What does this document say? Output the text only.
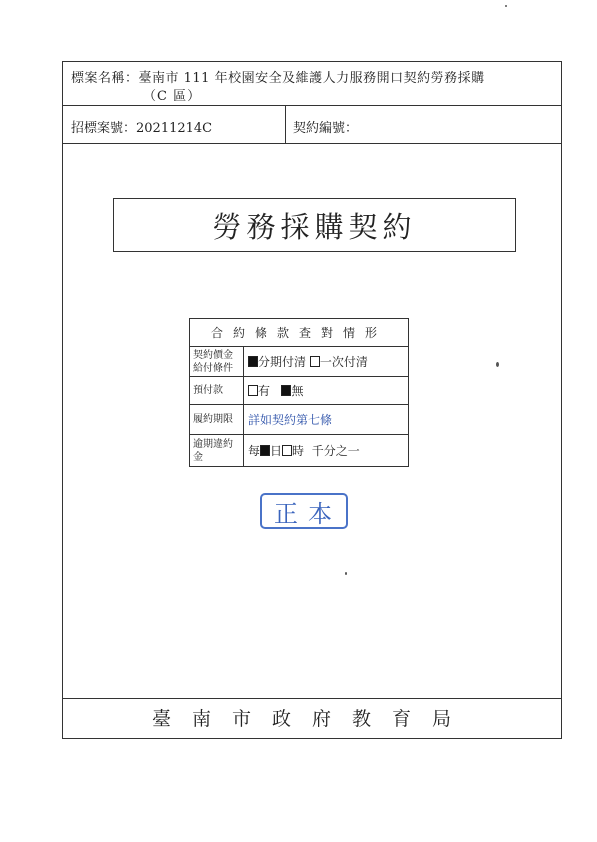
標案名稱：臺南市 111 年校園安全及維護人力服務開口契約勞務採購
（C 區）
招標案號：20211214C	契約編號：
勞務採購契約
合約條款查對情形	
契約價金給付條件	分期付清 一次付清
預付款	有 無
履約期限	詳如契約第七條
逾期違約金	每 日 時 千分之一
正本
臺南市政府教育局
